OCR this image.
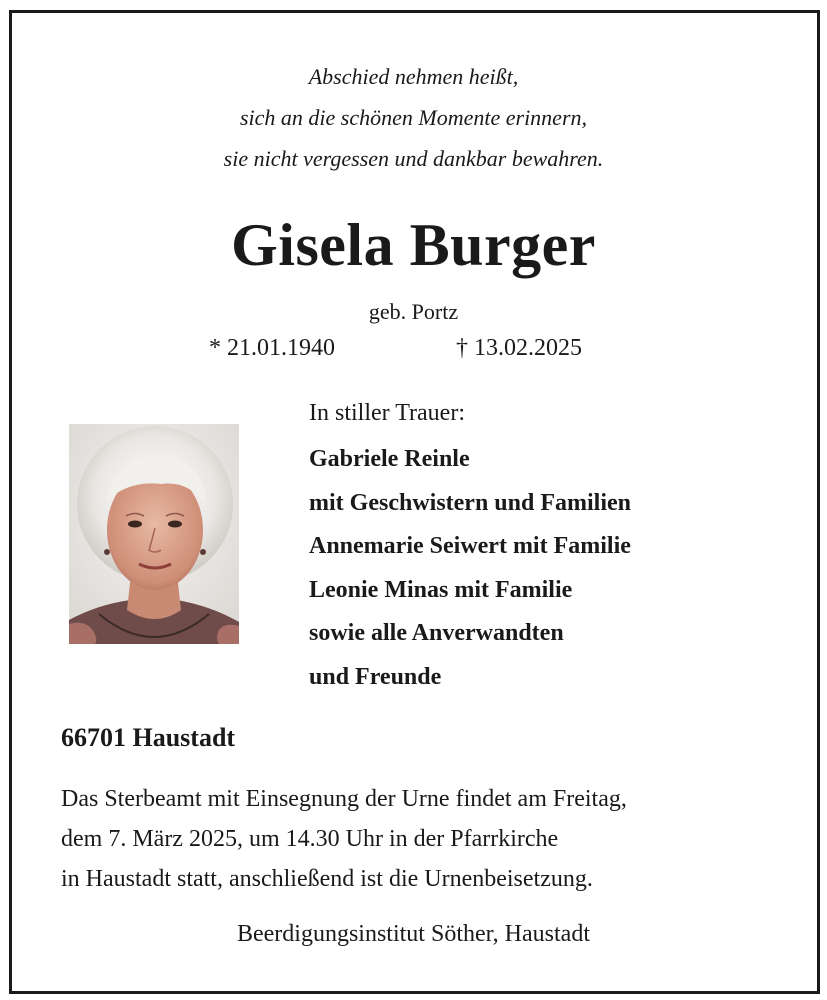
Abschied nehmen heißt,
sich an die schönen Momente erinnern,
sie nicht vergessen und dankbar bewahren.
Gisela Burger
geb. Portz
* 21.01.1940	† 13.02.2025
In stiller Trauer:
Gabriele Reinle
mit Geschwistern und Familien
Annemarie Seiwert mit Familie
Leonie Minas mit Familie
sowie alle Anverwandten
und Freunde
66701 Haustadt
Das Sterbeamt mit Einsegnung der Urne findet am Freitag,
dem 7. März 2025, um 14.30 Uhr in der Pfarrkirche
in Haustadt statt, anschließend ist die Urnenbeisetzung.
Beerdigungsinstitut Söther, Haustadt
